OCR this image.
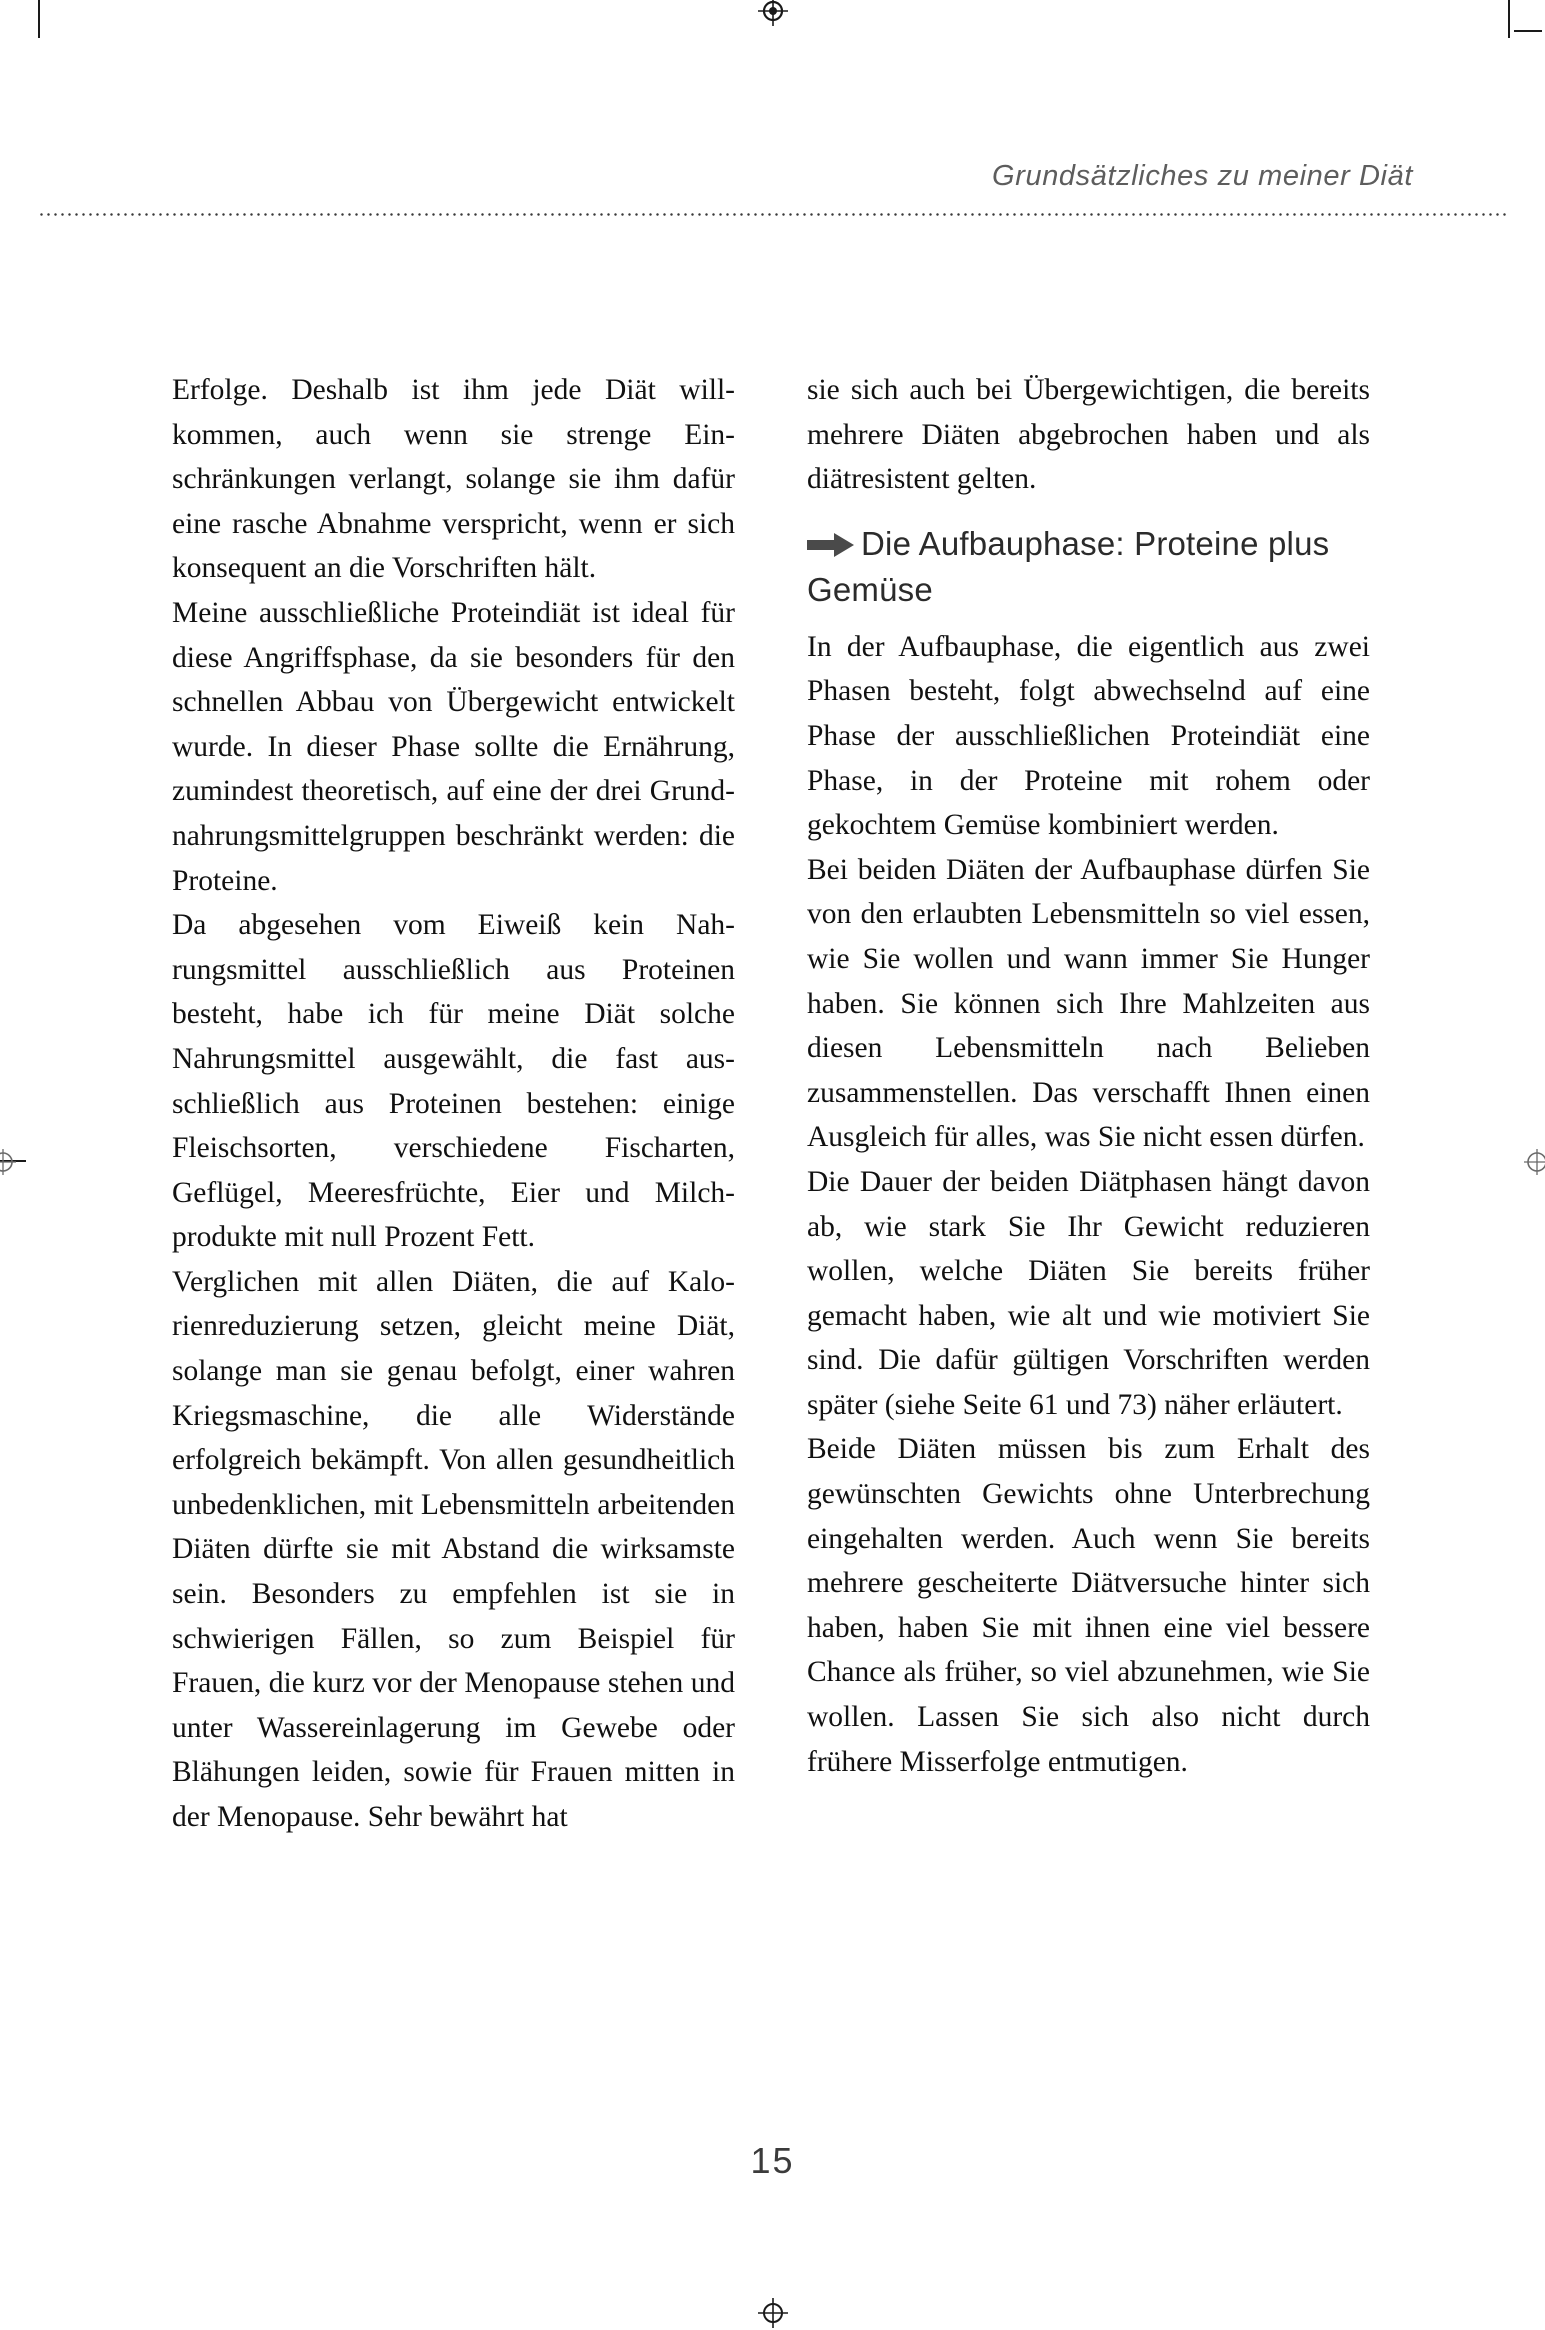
Grundsätzliches zu meiner Diät

Erfolge. Deshalb ist ihm jede Diät willkommen, auch wenn sie strenge Einschränkungen verlangt, solange sie ihm dafür eine rasche Abnahme verspricht, wenn er sich konsequent an die Vorschriften hält.

Meine ausschließliche Proteindiät ist ideal für diese Angriffsphase, da sie besonders für den schnellen Abbau von Übergewicht entwickelt wurde. In dieser Phase sollte die Ernährung, zumindest theoretisch, auf eine der drei Grundnahrungsmittelgruppen beschränkt werden: die Proteine.

Da abgesehen vom Eiweiß kein Nahrungsmittel ausschließlich aus Proteinen besteht, habe ich für meine Diät solche Nahrungsmittel ausgewählt, die fast ausschließlich aus Proteinen bestehen: einige Fleischsorten, verschiedene Fischarten, Geflügel, Meeresfrüchte, Eier und Milchprodukte mit null Prozent Fett.

Verglichen mit allen Diäten, die auf Kalorienreduzierung setzen, gleicht meine Diät, solange man sie genau befolgt, einer wahren Kriegsmaschine, die alle Widerstände erfolgreich bekämpft. Von allen gesundheitlich unbedenklichen, mit Lebensmitteln arbeitenden Diäten dürfte sie mit Abstand die wirksamste sein. Besonders zu empfehlen ist sie in schwierigen Fällen, so zum Beispiel für Frauen, die kurz vor der Menopause stehen und unter Wassereinlagerung im Gewebe oder Blähungen leiden, sowie für Frauen mitten in der Menopause. Sehr bewährt hat

sie sich auch bei Übergewichtigen, die bereits mehrere Diäten abgebrochen haben und als diätresistent gelten.

Die Aufbauphase: Proteine plus Gemüse

In der Aufbauphase, die eigentlich aus zwei Phasen besteht, folgt abwechselnd auf eine Phase der ausschließlichen Proteindiät eine Phase, in der Proteine mit rohem oder gekochtem Gemüse kombiniert werden.

Bei beiden Diäten der Aufbauphase dürfen Sie von den erlaubten Lebensmitteln so viel essen, wie Sie wollen und wann immer Sie Hunger haben. Sie können sich Ihre Mahlzeiten aus diesen Lebensmitteln nach Belieben zusammenstellen. Das verschafft Ihnen einen Ausgleich für alles, was Sie nicht essen dürfen.

Die Dauer der beiden Diätphasen hängt davon ab, wie stark Sie Ihr Gewicht reduzieren wollen, welche Diäten Sie bereits früher gemacht haben, wie alt und wie motiviert Sie sind. Die dafür gültigen Vorschriften werden später (siehe Seite 61 und 73) näher erläutert.

Beide Diäten müssen bis zum Erhalt des gewünschten Gewichts ohne Unterbrechung eingehalten werden. Auch wenn Sie bereits mehrere gescheiterte Diätversuche hinter sich haben, haben Sie mit ihnen eine viel bessere Chance als früher, so viel abzunehmen, wie Sie wollen. Lassen Sie sich also nicht durch frühere Misserfolge entmutigen.

15
